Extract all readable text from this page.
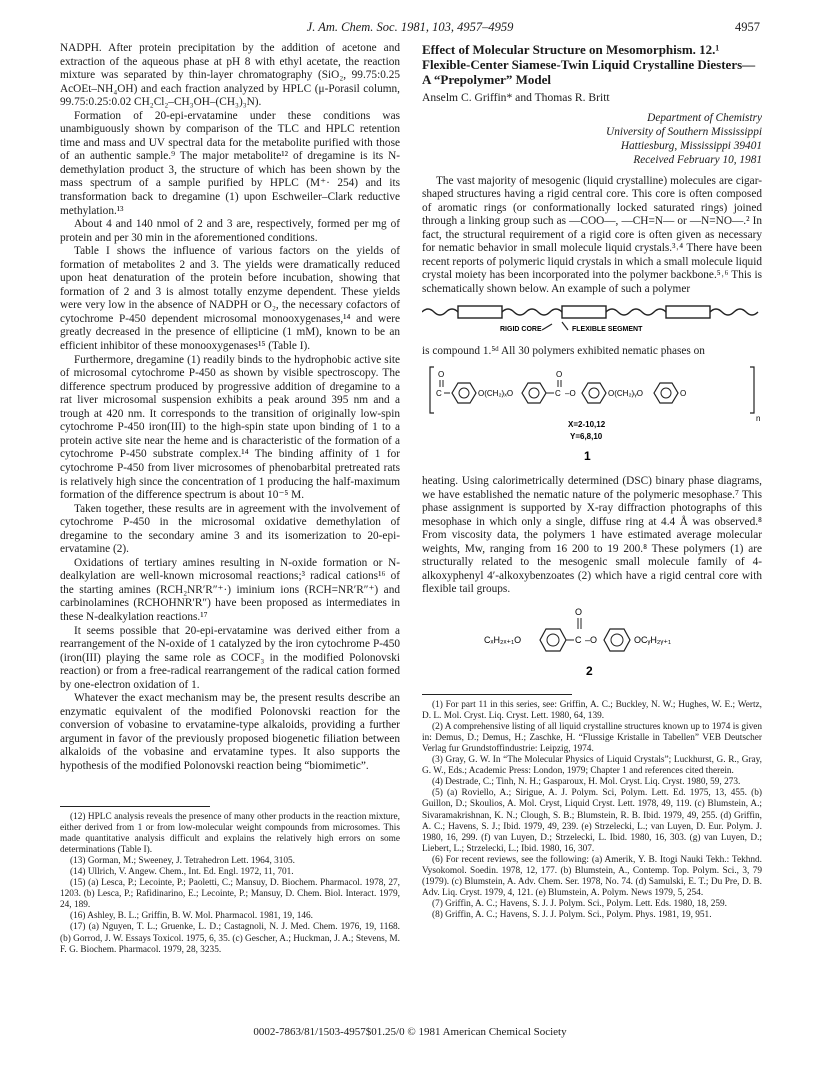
J. Am. Chem. Soc. 1981, 103, 4957–4959	4957

NADPH. After protein precipitation by the addition of acetone and extraction of the aqueous phase at pH 8 with ethyl acetate, the reaction mixture was separated by thin-layer chromatography (SiO₂, 99.75:0.25 AcOEt–NH₄OH) and each fraction analyzed by HPLC (μ-Porasil column, 99.75:0.25:0.02 CH₂Cl₂–CH₃OH–(CH₃)₃N).

Formation of 20-epi-ervatamine under these conditions was unambiguously shown by comparison of the TLC and HPLC retention time and mass and UV spectral data for the metabolite purified with those of an authentic sample.⁹ The major metabolite¹² of dregamine is its N-demethylation product 3, the structure of which has been shown by the mass spectrum of a sample purified by HPLC (M⁺· 254) and its transformation back to dregamine (1) upon Eschweiler–Clark reductive methylation.¹³

About 4 and 140 nmol of 2 and 3 are, respectively, formed per mg of protein and per 30 min in the aforementioned conditions.

Table I shows the influence of various factors on the yields of formation of metabolites 2 and 3. The yields were dramatically reduced upon heat denaturation of the protein before incubation, showing that formation of 2 and 3 is almost totally enzyme dependent. These yields were very low in the absence of NADPH or O₂, the necessary cofactors of cytochrome P-450 dependent microsomal monooxygenases,¹⁴ and were greatly decreased in the presence of ellipticine (1 mM), known to be an efficient inhibitor of these monooxygenases¹⁵ (Table I).

Furthermore, dregamine (1) readily binds to the hydrophobic active site of microsomal cytochrome P-450 as shown by visible spectroscopy. The difference spectrum produced by progressive addition of dregamine to a rat liver microsomal suspension exhibits a peak around 395 nm and a trough at 420 nm. It corresponds to the transition of originally low-spin cytochrome P-450 iron(III) to the high-spin state upon binding of 1 to a protein active site near the heme and is characteristic of the formation of a cytochrome P-450 substrate complex.¹⁴ The binding affinity of 1 for cytochrome P-450 from liver microsomes of phenobarbital pretreated rats is relatively high since the concentration of 1 producing the half-maximum formation of the difference spectrum is about 10⁻⁵ M.

Taken together, these results are in agreement with the involvement of cytochrome P-450 in the microsomal oxidative demethylation of dregamine to the secondary amine 3 and its isomerization to 20-epi-ervatamine (2).

Oxidations of tertiary amines resulting in N-oxide formation or N-dealkylation are well-known microsomal reactions;³ radical cations¹⁶ of the starting amines (RCH₂NR′R″⁺·) iminium ions (RCH=NR′R″⁺) and carbinolamines (RCHOHNR′R″) have been proposed as intermediates in these N-dealkylation reactions.¹⁷

It seems possible that 20-epi-ervatamine was derived either from a rearrangement of the N-oxide of 1 catalyzed by the iron cytochrome P-450 (iron(III) playing the same role as COCF₃ in the modified Polonovski reaction) or from a free-radical rearrangement of the radical cation formed by one-electron oxidation of 1.

Whatever the exact mechanism may be, the present results describe an enzymatic equivalent of the modified Polonovski reaction for the conversion of vobasine to ervatamine-type alkaloids, providing a further argument in favor of the previously proposed biogenetic filiation between alkaloids of the vobasine and ervatamine types. It also supports the hypothesis of the modified Polonovski reaction being “biomimetic”.

(12) HPLC analysis reveals the presence of many other products in the reaction mixture, either derived from 1 or from low-molecular weight compounds from microsomes. This made quantitative analysis difficult and explains the relatively high errors on some determinations (Table I).
(13) Gorman, M.; Sweeney, J. Tetrahedron Lett. 1964, 3105.
(14) Ullrich, V. Angew. Chem., Int. Ed. Engl. 1972, 11, 701.
(15) (a) Lesca, P.; Lecointe, P.; Paoletti, C.; Mansuy, D. Biochem. Pharmacol. 1978, 27, 1203. (b) Lesca, P.; Rafidinarino, E.; Lecointe, P.; Mansuy, D. Chem. Biol. Interact. 1979, 24, 189.
(16) Ashley, B. L.; Griffin, B. W. Mol. Pharmacol. 1981, 19, 146.
(17) (a) Nguyen, T. L.; Gruenke, L. D.; Castagnoli, N. J. Med. Chem. 1976, 19, 1168. (b) Gorrod, J. W. Essays Toxicol. 1975, 6, 35. (c) Gescher, A.; Huckman, J. A.; Stevens, M. F. G. Biochem. Pharmacol. 1979, 28, 3235.

Effect of Molecular Structure on Mesomorphism. 12.¹ Flexible-Center Siamese-Twin Liquid Crystalline Diesters—A “Prepolymer” Model

Anselm C. Griffin* and Thomas R. Britt

Department of Chemistry
University of Southern Mississippi
Hattiesburg, Mississippi 39401
Received February 10, 1981

The vast majority of mesogenic (liquid crystalline) molecules are cigar-shaped structures having a rigid central core. This core is often composed of aromatic rings (or conformationally locked saturated rings) joined through a linking group such as —COO—, —CH=N— or —N=NO—.² In fact, the structural requirement of a rigid core is often given as necessary for nematic behavior in small molecule liquid crystals.³˒⁴ There have been recent reports of polymeric liquid crystals in which a small molecule liquid crystal moiety has been incorporated into the polymer backbone.⁵˒⁶ This is schematically shown below. An example of such a polymer

RIGID CORE	FLEXIBLE SEGMENT

is compound 1.⁵ᵈ All 30 polymers exhibited nematic phases on

n
O
C	O(CH₂)ₓO
O
C –O	O(CH₂)ᵧO	O
X=2-10,12
Y=6,8,10
1

heating. Using calorimetrically determined (DSC) binary phase diagrams, we have established the nematic nature of the polymeric mesophase.⁷ This phase assignment is supported by X-ray diffraction photographs of this mesophase in which only a single, diffuse ring at 4.4 Å was observed.⁸ From viscosity data, the polymers 1 have estimated average molecular weights, Mw, ranging from 16 200 to 19 200.⁸ These polymers (1) are structurally related to the mesogenic small molecule family of 4-alkoxyphenyl 4′-alkoxybenzoates (2) which have a rigid central core with flexible tail groups.

CₓH₂ₓ₊₁O
O
C –O	OCᵧH₂ᵧ₊₁
2
(1) For part 11 in this series, see: Griffin, A. C.; Buckley, N. W.; Hughes, W. E.; Wertz, D. L. Mol. Cryst. Liq. Cryst. Lett. 1980, 64, 139.
(2) A comprehensive listing of all liquid crystalline structures known up to 1974 is given in: Demus, D.; Demus, H.; Zaschke, H. “Flussige Kristalle in Tabellen” VEB Deutscher Verlag fur Grundstoffindustrie: Leipzig, 1974.
(3) Gray, G. W. In “The Molecular Physics of Liquid Crystals”; Luckhurst, G. R., Gray, G. W., Eds.; Academic Press: London, 1979; Chapter 1 and references cited therein.
(4) Destrade, C.; Tinh, N. H.; Gasparoux, H. Mol. Cryst. Liq. Cryst. 1980, 59, 273.
(5) (a) Roviello, A.; Sirigue, A. J. Polym. Sci, Polym. Lett. Ed. 1975, 13, 455. (b) Guillon, D.; Skoulios, A. Mol. Cryst, Liquid Cryst. Lett. 1978, 49, 119. (c) Blumstein, A.; Sivaramakrishnan, K. N.; Clough, S. B.; Blumstein, R. B. Ibid. 1979, 49, 255. (d) Griffin, A. C.; Havens, S. J.; Ibid. 1979, 49, 239. (e) Strzelecki, L.; van Luyen, D. Eur. Polym. J. 1980, 16, 299. (f) van Luyen, D.; Strzelecki, L. Ibid. 1980, 16, 303. (g) van Luyen, D.; Liebert, L.; Strzelecki, L.; Ibid. 1980, 16, 307.
(6) For recent reviews, see the following: (a) Amerik, Y. B. Itogi Nauki Tekh.: Tekhnd. Vysokomol. Soedin. 1978, 12, 177. (b) Blumstein, A., Contemp. Top. Polym. Sci., 3, 79 (1979). (c) Blumstein, A. Adv. Chem. Ser. 1978, No. 74. (d) Samulski, E. T.; Du Pre, D. B. Adv. Liq. Cryst. 1979, 4, 121. (e) Blumstein, A. Polym. News 1979, 5, 254.
(7) Griffin, A. C.; Havens, S. J. J. Polym. Sci., Polym. Lett. Eds. 1980, 18, 259.
(8) Griffin, A. C.; Havens, S. J. J. Polym. Sci., Polym. Phys. 1981, 19, 951.
0002-7863/81/1503-4957$01.25/0 © 1981 American Chemical Society
